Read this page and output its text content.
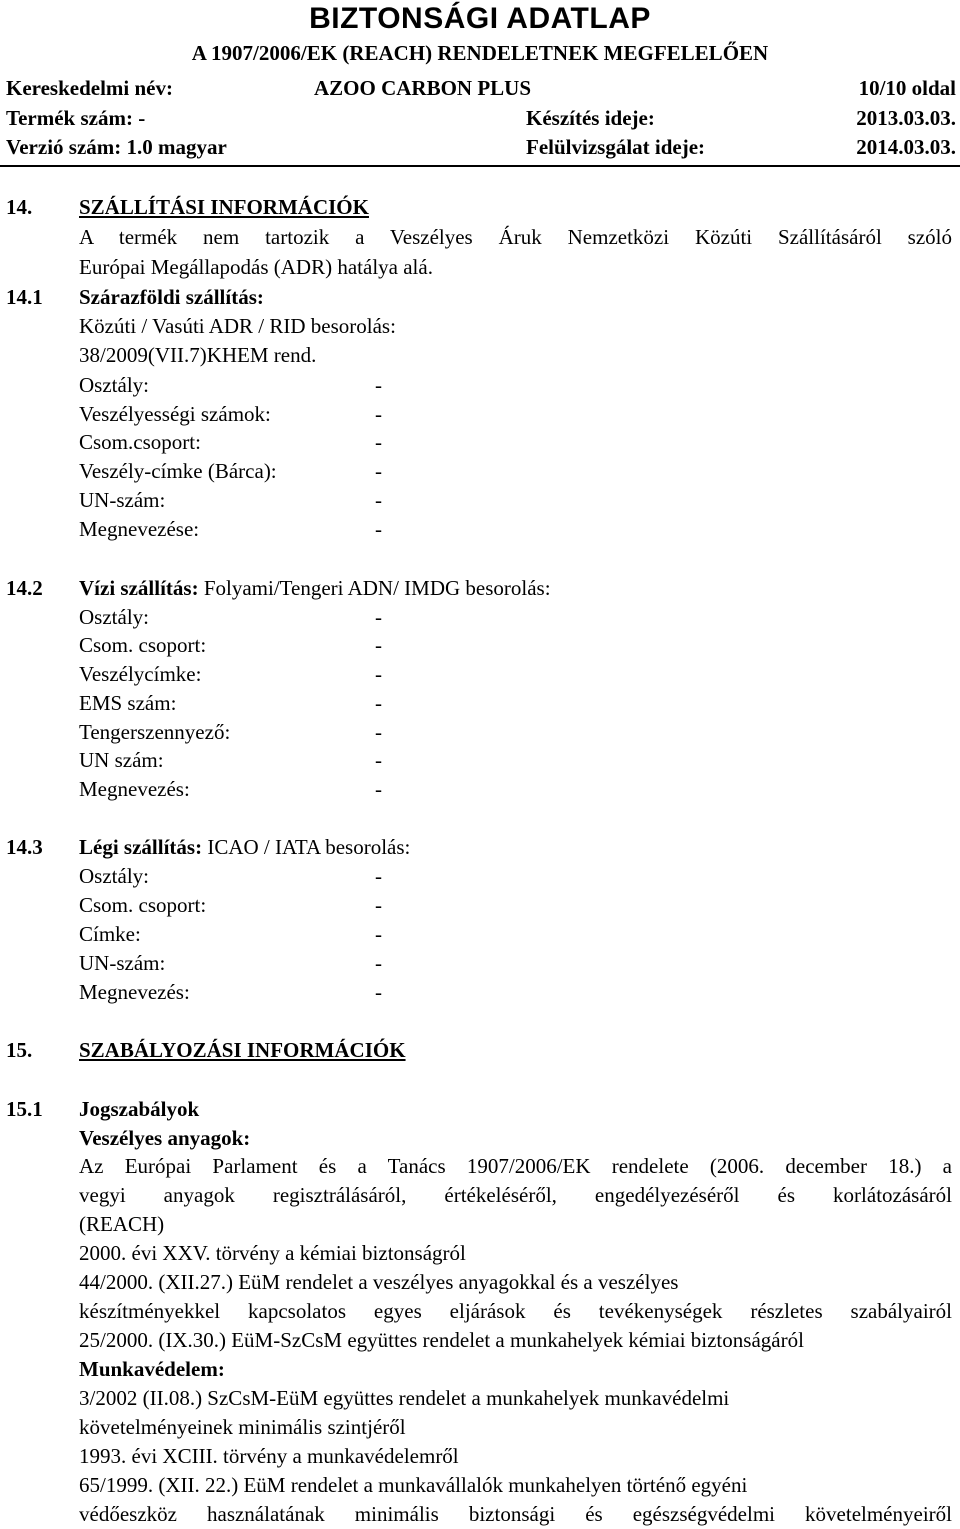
BIZTONSÁGI ADATLAP
A 1907/2006/EK (REACH) RENDELETNEK MEGFELELŐEN
Kereskedelmi név:	AZOO CARBON PLUS	10/10 oldal
Termék szám: -	Készítés ideje:	2013.03.03.
Verzió szám: 1.0 magyar	Felülvizsgálat ideje:	2014.03.03.
14. SZÁLLÍTÁSI INFORMÁCIÓK
A termék nem tartozik a Veszélyes Áruk Nemzetközi Közúti Szállításáról szóló
Európai Megállapodás (ADR) hatálya alá.
14.1 Szárazföldi szállítás:
Közúti / Vasúti ADR / RID besorolás:
38/2009(VII.7)KHEM rend.
Osztály:	-
Veszélyességi számok:	-
Csom.csoport:	-
Veszély-címke (Bárca):	-
UN-szám:	-
Megnevezése:	-
14.2 Vízi szállítás: Folyami/Tengeri ADN/ IMDG besorolás:
Osztály:	-
Csom. csoport:	-
Veszélycímke:	-
EMS szám:	-
Tengerszennyező:	-
UN szám:	-
Megnevezés:	-
14.3 Légi szállítás: ICAO / IATA besorolás:
Osztály:	-
Csom. csoport:	-
Címke:	-
UN-szám:	-
Megnevezés:	-
15. SZABÁLYOZÁSI INFORMÁCIÓK
15.1 Jogszabályok
Veszélyes anyagok:
Az Európai Parlament és a Tanács 1907/2006/EK rendelete (2006. december 18.) a
vegyi anyagok regisztrálásáról, értékeléséről, engedélyezéséről és korlátozásáról
(REACH)
2000. évi XXV. törvény a kémiai biztonságról
44/2000. (XII.27.) EüM rendelet a veszélyes anyagokkal és a veszélyes
készítményekkel kapcsolatos egyes eljárások és tevékenységek részletes szabályairól
25/2000. (IX.30.) EüM-SzCsM együttes rendelet a munkahelyek kémiai biztonságáról
Munkavédelem:
3/2002 (II.08.) SzCsM-EüM együttes rendelet a munkahelyek munkavédelmi
követelményeinek minimális szintjéről
1993. évi XCIII. törvény a munkavédelemről
65/1999. (XII. 22.) EüM rendelet a munkavállalók munkahelyen történő egyéni
védőeszköz használatának minimális biztonsági és egészségvédelmi követelményeiről
